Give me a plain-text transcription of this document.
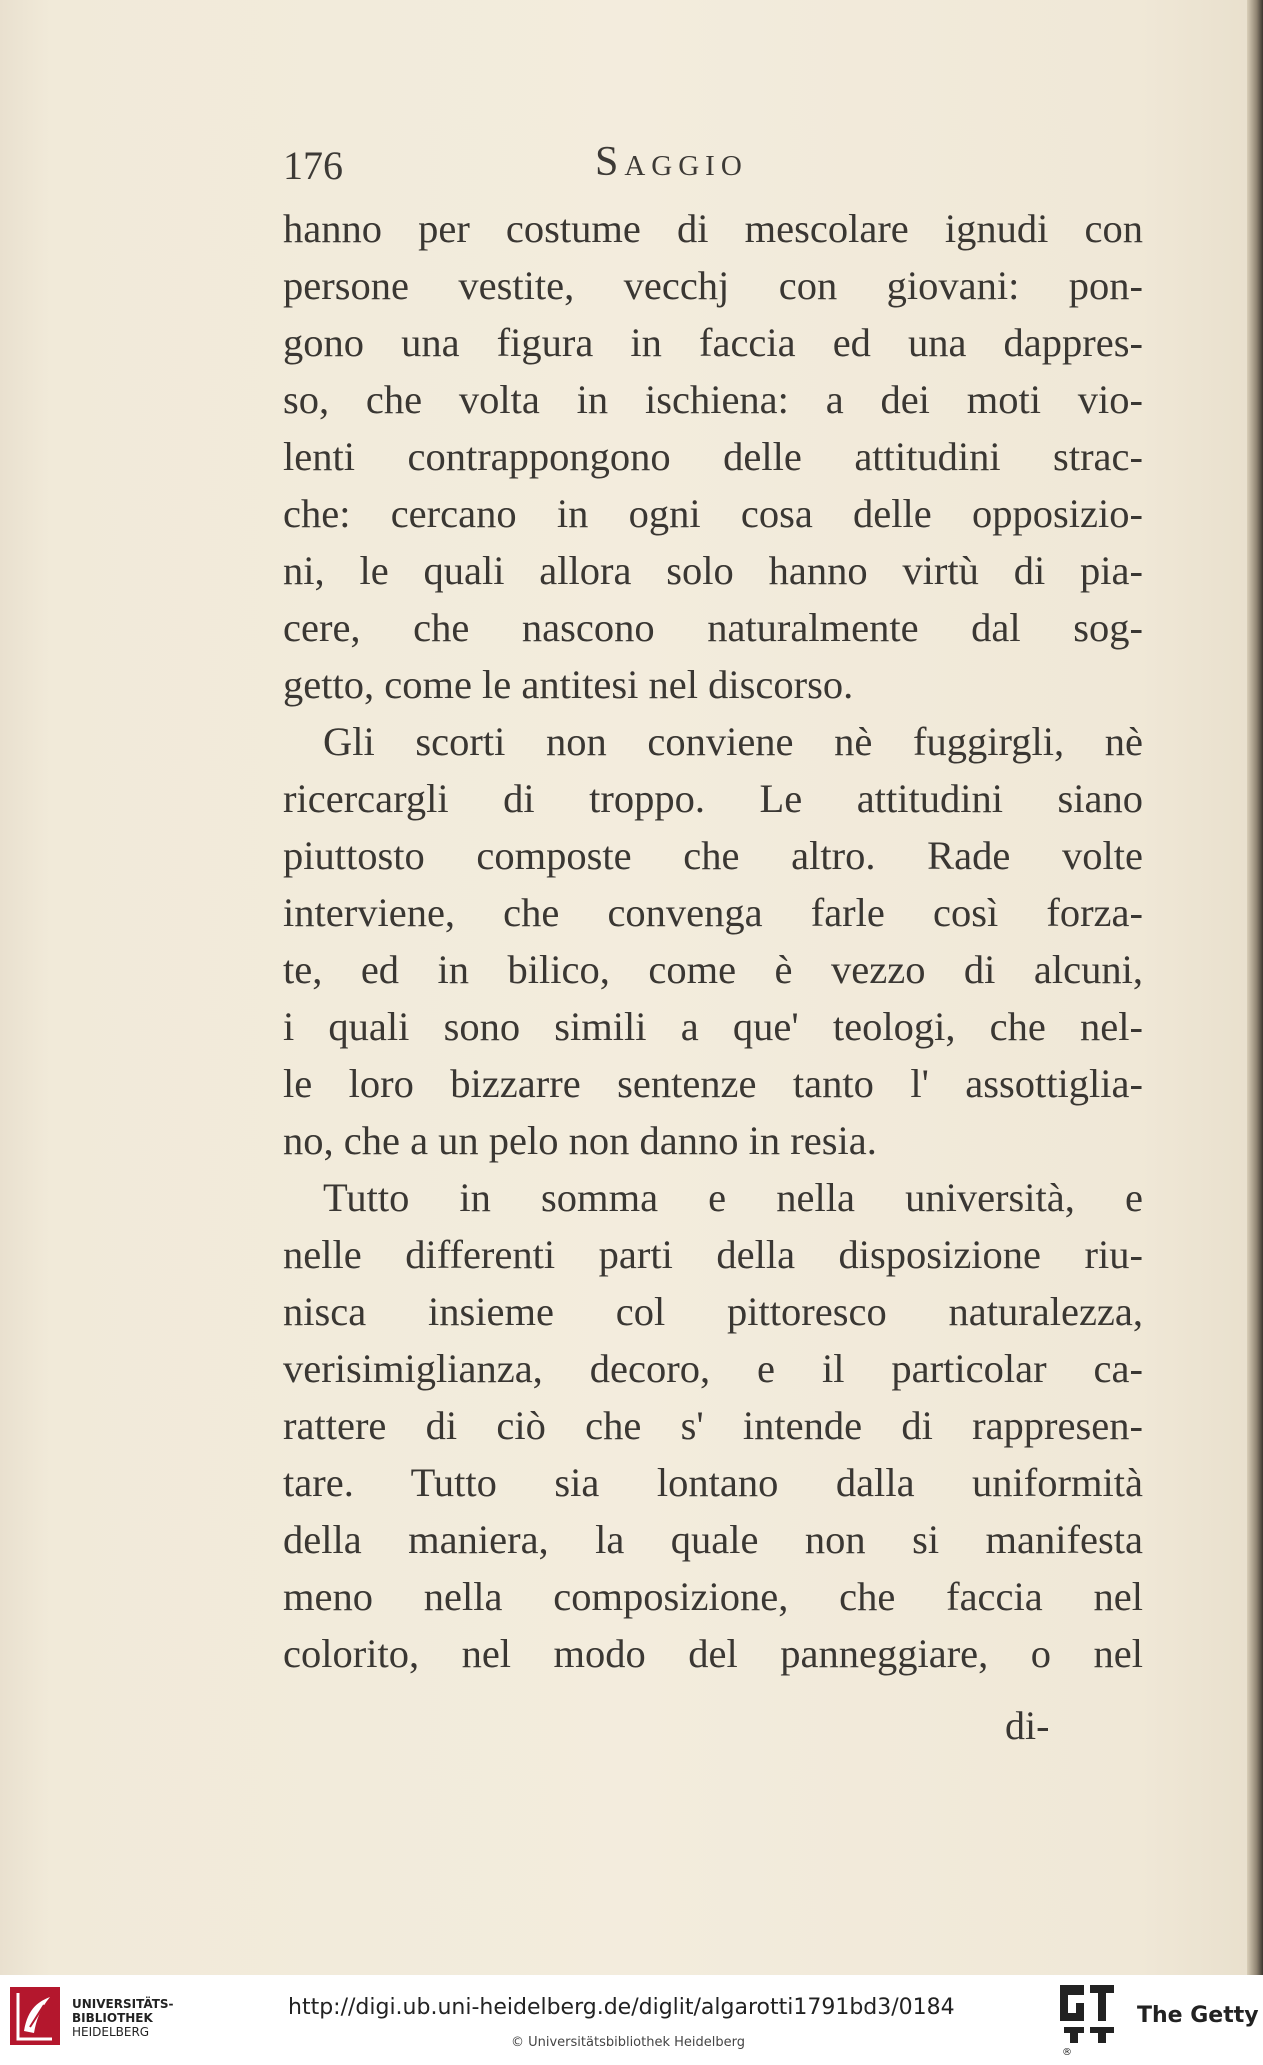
176	Saggio
hanno per costume di mescolare ignudi con
persone vestite, vecchj con giovani: pon-
gono una figura in faccia ed una dappres-
so, che volta in ischiena: a dei moti vio-
lenti contrappongono delle attitudini strac-
che: cercano in ogni cosa delle opposizio-
ni, le quali allora solo hanno virtù di pia-
cere, che nascono naturalmente dal sog-
getto, come le antitesi nel discorso.
Gli scorti non conviene nè fuggirgli, nè
ricercargli di troppo. Le attitudini siano
piuttosto composte che altro. Rade volte
interviene, che convenga farle così forza-
te, ed in bilico, come è vezzo di alcuni,
i quali sono simili a que' teologi, che nel-
le loro bizzarre sentenze tanto l' assottiglia-
no, che a un pelo non danno in resia.
Tutto in somma e nella università, e
nelle differenti parti della disposizione riu-
nisca insieme col pittoresco naturalezza,
verisimiglianza, decoro, e il particolar ca-
rattere di ciò che s' intende di rappresen-
tare. Tutto sia lontano dalla uniformità
della maniera, la quale non si manifesta
meno nella composizione, che faccia nel
colorito, nel modo del panneggiare, o nel
di-
UNIVERSITÄTS-
BIBLIOTHEK
HEIDELBERG
http://digi.ub.uni-heidelberg.de/diglit/algarotti1791bd3/0184
© Universitätsbibliothek Heidelberg
®
The Getty
